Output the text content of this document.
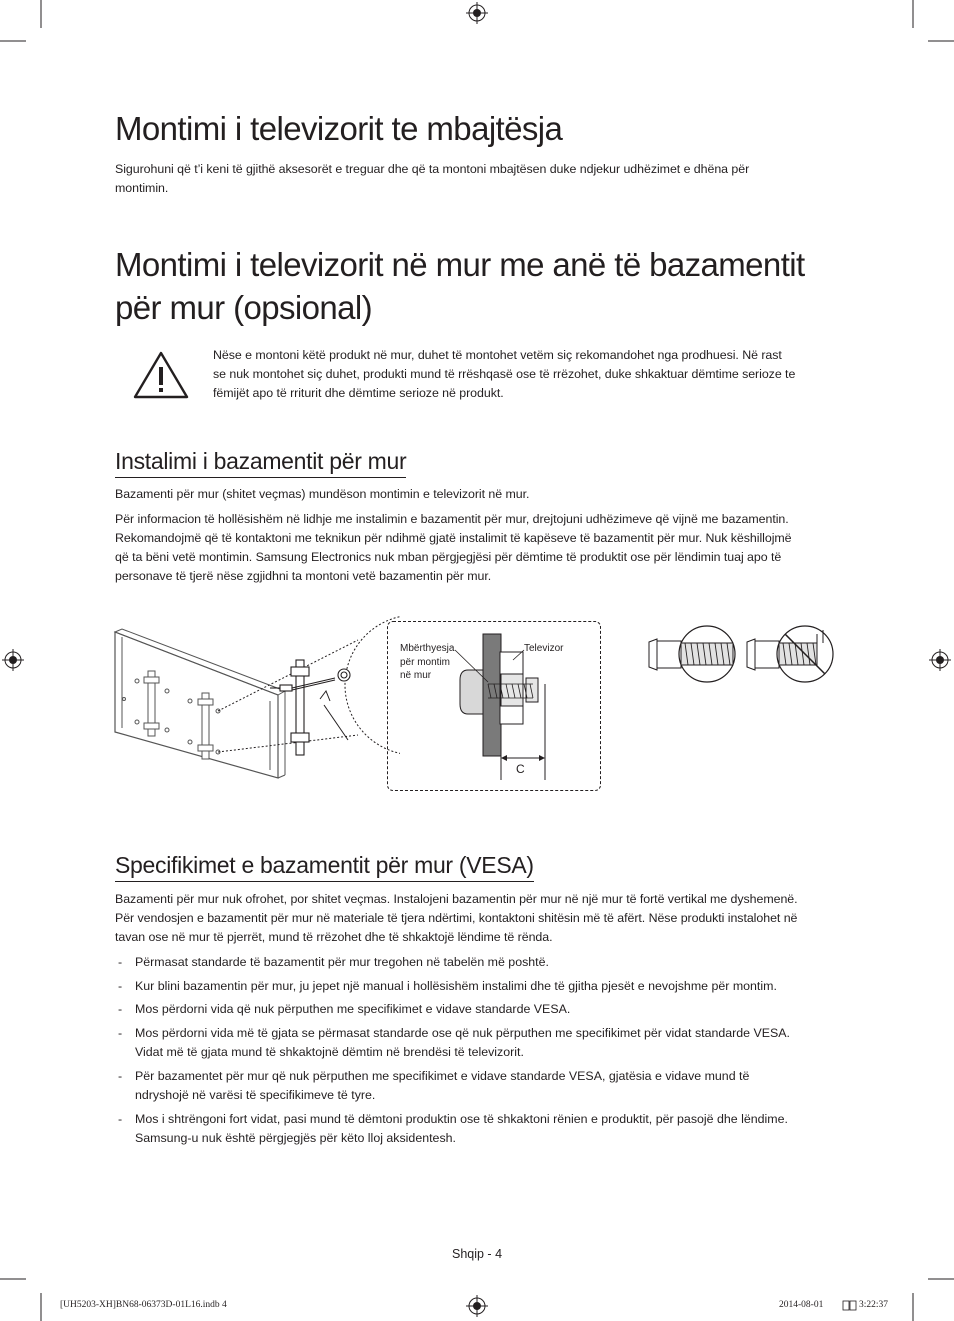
Montimi i televizorit te mbajtësja

Sigurohuni që t’i keni të gjithë aksesorët e treguar dhe që ta montoni mbajtësen duke ndjekur udhëzimet e dhëna për

montimin.

Montimi i televizorit në mur me anë të bazamentit
për mur (opsional)

Nëse e montoni këtë produkt në mur, duhet të montohet vetëm siç rekomandohet nga prodhuesi. Në rast

se nuk montohet siç duhet, produkti mund të rrëshqasë ose të rrëzohet, duke shkaktuar dëmtime serioze te

fëmijët apo të rriturit dhe dëmtime serioze në produkt.

Instalimi i bazamentit për mur

Bazamenti për mur (shitet veçmas) mundëson montimin e televizorit në mur.

Për informacion të hollësishëm në lidhje me instalimin e bazamentit për mur, drejtojuni udhëzimeve që vijnë me bazamentin.

Rekomandojmë që të kontaktoni me teknikun për ndihmë gjatë instalimit të kapëseve të bazamentit për mur. Nuk këshillojmë

që ta bëni vetë montimin. Samsung Electronics nuk mban përgjegjësi për dëmtime të produktit ose për lëndimin tuaj apo të

personave të tjerë nëse zgjidhni ta montoni vetë bazamentin për mur.

Mbërthyesja
për montim
në mur
Televizor
C
Specifikimet e bazamentit për mur (VESA)

Bazamenti për mur nuk ofrohet, por shitet veçmas. Instalojeni bazamentin për mur në një mur të fortë vertikal me dyshemenë.

Për vendosjen e bazamentit për mur në materiale të tjera ndërtimi, kontaktoni shitësin më të afërt. Nëse produkti instalohet në

tavan ose në mur të pjerrët, mund të rrëzohet dhe të shkaktojë lëndime të rënda.

- Përmasat standarde të bazamentit për mur tregohen në tabelën më poshtë.
- Kur blini bazamentin për mur, ju jepet një manual i hollësishëm instalimi dhe të gjitha pjesët e nevojshme për montim.
- Mos përdorni vida që nuk përputhen me specifikimet e vidave standarde VESA.
- Mos përdorni vida më të gjata se përmasat standarde ose që nuk përputhen me specifikimet për vidat standarde VESA.
Vidat më të gjata mund të shkaktojnë dëmtim në brendësi të televizorit.
- Për bazamentet për mur që nuk përputhen me specifikimet e vidave standarde VESA, gjatësia e vidave mund të
ndryshojë në varësi të specifikimeve të tyre.
- Mos i shtrëngoni fort vidat, pasi mund të dëmtoni produktin ose të shkaktoni rënien e produktit, për pasojë dhe lëndime.
Samsung-u nuk është përgjegjës për këto lloj aksidentesh.
Shqip - 4
[UH5203-XH]BN68-06373D-01L16.indb 4	2014-08-01	3:22:37
